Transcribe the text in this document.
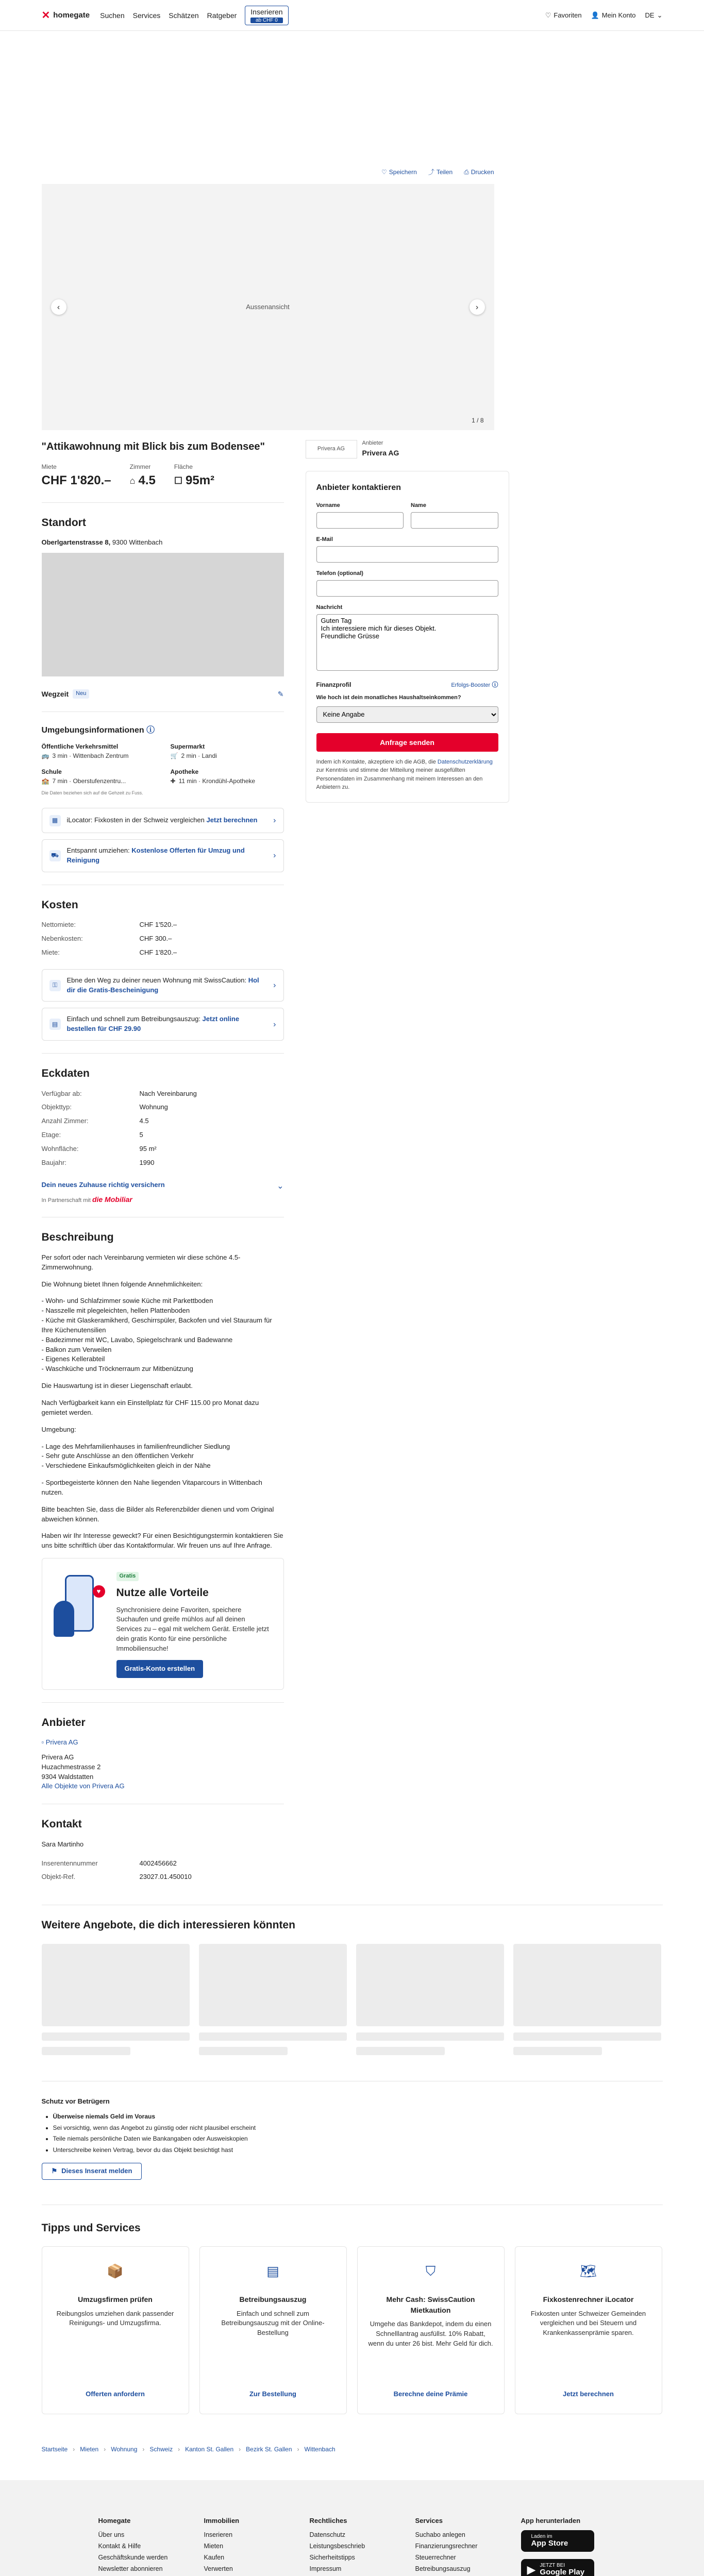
✕ homegate Suchen Services Schätzen Ratgeber	Inserieren
ab CHF 0
♡ Favoriten 👤 Mein Konto DE ⌄
♡ Speichern ⤴ Teilen ⎙ Drucken
Aussenansicht
‹	›
1 / 8
"Attikawohnung mit Blick bis zum Bodensee"
Miete
CHF 1'820.–
Zimmer
⌂ 4.5
Fläche
☐ 95m²
Standort
Oberlgartenstrasse 8, 9300 Wittenbach
Wegzeit	Neu	✎
Umgebungsinformationen ⓘ
Öffentliche Verkehrsmittel
🚌 3 min · Wittenbach Zentrum
Supermarkt
🛒 2 min · Landi
Schule
🏫 7 min · Oberstufenzentru...
Apotheke
✚ 11 min · Krondühl-Apotheke
Die Daten beziehen sich auf die Gehzeit zu Fuss.
▦	iLocator: Fixkosten in der Schweiz vergleichen Jetzt berechnen	›
⛟
Entspannt umziehen: Kostenlose Offerten für Umzug und Reinigung
›
Kosten
Nettomiete:	CHF 1'520.–
Nebenkosten:	CHF 300.–
Miete:	CHF 1'820.–
⚿
Ebne den Weg zu deiner neuen Wohnung mit SwissCaution: Hol dir die Gratis-Bescheinigung
›
▤
Einfach und schnell zum Betreibungsauszug: Jetzt online bestellen für CHF 29.90
›
Eckdaten
Verfügbar ab:	Nach Vereinbarung
Objekttyp:	Wohnung
Anzahl Zimmer:	4.5
Etage:	5
Wohnfläche:	95 m²
Baujahr:	1990
Dein neues Zuhause richtig versichern
In Partnerschaft mit die Mobiliar
⌄
Beschreibung

Per sofort oder nach Vereinbarung vermieten wir diese schöne 4.5-Zimmerwohnung.

Die Wohnung bietet Ihnen folgende Annehmlichkeiten:

- Wohn- und Schlafzimmer sowie Küche mit Parkettboden
- Nasszelle mit plegeleichten, hellen Plattenboden
- Küche mit Glaskeramikherd, Geschirrspüler, Backofen und viel Stauraum für Ihre Küchenutensilien
- Badezimmer mit WC, Lavabo, Spiegelschrank und Badewanne
- Balkon zum Verweilen
- Eigenes Kellerabteil
- Waschküche und Tröcknerraum zur Mitbenützung

Die Hauswartung ist in dieser Liegenschaft erlaubt.

Nach Verfügbarkeit kann ein Einstellplatz für CHF 115.00 pro Monat dazu gemietet werden.

Umgebung:

- Lage des Mehrfamilienhauses in familienfreundlicher Siedlung
- Sehr gute Anschlüsse an den öffentlichen Verkehr
- Verschiedene Einkaufsmöglichkeiten gleich in der Nähe

- Sportbegeisterte können den Nahe liegenden Vitaparcours in Wittenbach nutzen.

Bitte beachten Sie, dass die Bilder als Referenzbilder dienen und vom Original abweichen können.

Haben wir Ihr Interesse geweckt? Für einen Besichtigungstermin kontaktieren Sie uns bitte schriftlich über das Kontaktformular. Wir freuen uns auf Ihre Anfrage.

♥
Gratis
Nutze alle Vorteile
Synchronisiere deine Favoriten, speichere Suchaufen und greife mühlos auf all deinen Services zu – egal mit welchem Gerät. Erstelle jetzt dein gratis Konto für eine persönliche Immobiliensuche!
Gratis-Konto erstellen
Anbieter
▫ Privera AG
Privera AG
Huzachmestrasse 2
9304 Waldstatten
Alle Objekte von Privera AG
Kontakt
Sara Martinho
Inserentennummer	4002456662
Objekt-Ref.	23027.01.450010
Privera AG
Anbieter
Privera AG
Anbieter kontaktieren
Vorname	Name
E-Mail
Telefon (optional)
Nachricht
Guten Tag Ich interessiere mich für dieses Objekt. Freundliche Grüsse
Finanzprofil	Erfolgs-Booster ⓘ
Wie hoch ist dein monatliches Haushaltseinkommen?
Keine Angabe
Anfrage senden
Indem ich Kontakte, akzeptiere ich die AGB, die Datenschutzerklärung zur Kenntnis und stimme der Mitteilung meiner ausgefüllten Personendaten im Zusammenhang mit meinem Interessen an den Anbietern zu.
Weitere Angebote, die dich interessieren könnten
Schutz vor Betrügern
• Überweise niemals Geld im Voraus
• Sei vorsichtig, wenn das Angebot zu günstig oder nicht plausibel erscheint
• Teile niemals persönliche Daten wie Bankangaben oder Ausweiskopien
• Unterschreibe keinen Vertrag, bevor du das Objekt besichtigt hast
⚑ Dieses Inserat melden
Tipps und Services
📦
Umzugsfirmen prüfen
Reibungslos umziehen dank passender Reinigungs- und Umzugsfirma.
Offerten anfordern
▤
Betreibungsauszug
Einfach und schnell zum Betreibungsauszug mit der Online-Bestellung
Zur Bestellung
⛉
Mehr Cash: SwissCaution Mietkaution
Umgehe das Bankdepot, indem du einen Schnelllantrag ausfüllst. 10% Rabatt, wenn du unter 26 bist. Mehr Geld für dich.
Berechne deine Prämie
🗺
Fixkostenrechner iLocator
Fixkosten unter Schweizer Gemeinden vergleichen und bei Steuern und Krankenkassenprämie sparen.
Jetzt berechnen
Startseite › Mieten › Wohnung › Schweiz › Kanton St. Gallen › Bezirk St. Gallen › Wittenbach
Homegate
Über uns
Kontakt & Hilfe
Geschäftskunde werden
Newsletter abonnieren
Immobilien
Inserieren
Mieten
Kaufen
Verwerten
Rechtliches
Datenschutz
Leistungsbeschrieb
Sicherheitstipps
Impressum
Services
Suchabo anlegen
Finanzierungsrechner
Steuerrechner
Betreibungsauszug
App herunterladen
Laden im
App Store
▶ JETZT BEI
Google Play
